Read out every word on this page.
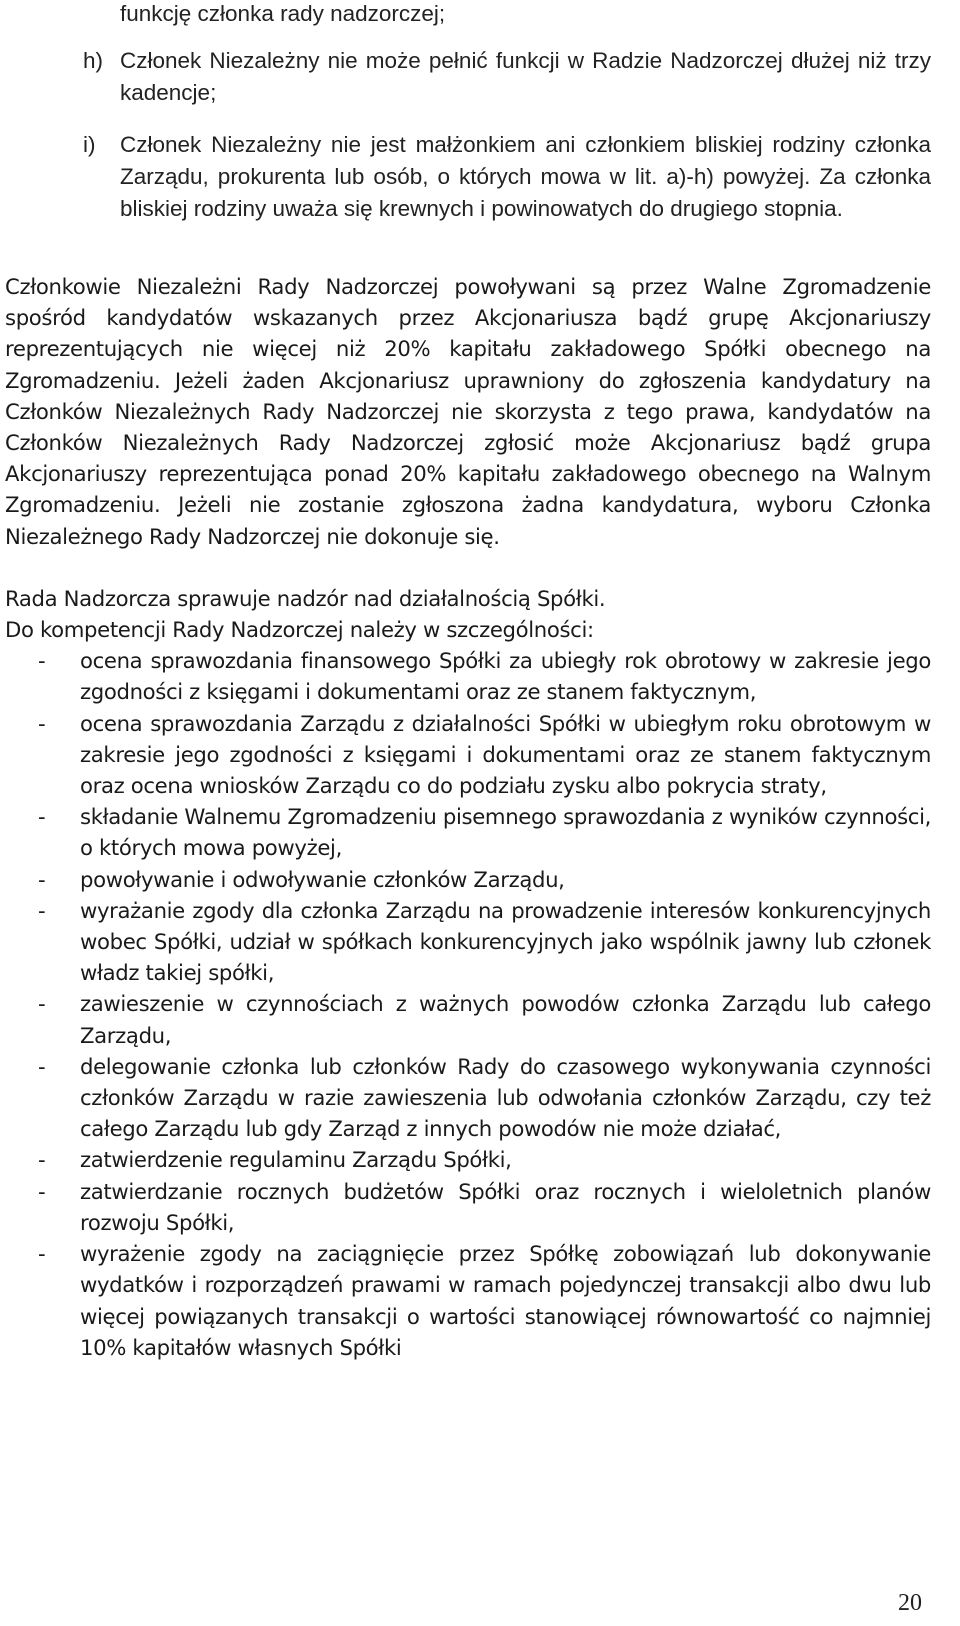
funkcję członka rady nadzorczej;
h) Członek Niezależny nie może pełnić funkcji w Radzie Nadzorczej dłużej niż trzy kadencje;
i) Członek Niezależny nie jest małżonkiem ani członkiem bliskiej rodziny członka Zarządu, prokurenta lub osób, o których mowa w lit. a)-h) powyżej. Za członka bliskiej rodziny uważa się krewnych i powinowatych do drugiego stopnia.

Członkowie Niezależni Rady Nadzorczej powoływani są przez Walne Zgromadzenie spośród kandydatów wskazanych przez Akcjonariusza bądź grupę Akcjonariuszy reprezentujących nie więcej niż 20% kapitału zakładowego Spółki obecnego na Zgromadzeniu. Jeżeli żaden Akcjonariusz uprawniony do zgłoszenia kandydatury na Członków Niezależnych Rady Nadzorczej nie skorzysta z tego prawa, kandydatów na Członków Niezależnych Rady Nadzorczej zgłosić może Akcjonariusz bądź grupa Akcjonariuszy reprezentująca ponad 20% kapitału zakładowego obecnego na Walnym Zgromadzeniu. Jeżeli nie zostanie zgłoszona żadna kandydatura, wyboru Członka Niezależnego Rady Nadzorczej nie dokonuje się.

Rada Nadzorcza sprawuje nadzór nad działalnością Spółki.

Do kompetencji Rady Nadzorczej należy w szczególności:

- ocena sprawozdania finansowego Spółki za ubiegły rok obrotowy w zakresie jego zgodności z księgami i dokumentami oraz ze stanem faktycznym,
- ocena sprawozdania Zarządu z działalności Spółki w ubiegłym roku obrotowym w zakresie jego zgodności z księgami i dokumentami oraz ze stanem faktycznym oraz ocena wniosków Zarządu co do podziału zysku albo pokrycia straty,
- składanie Walnemu Zgromadzeniu pisemnego sprawozdania z wyników czynności, o których mowa powyżej,
- powoływanie i odwoływanie członków Zarządu,
- wyrażanie zgody dla członka Zarządu na prowadzenie interesów konkurencyjnych wobec Spółki, udział w spółkach konkurencyjnych jako wspólnik jawny lub członek władz takiej spółki,
- zawieszenie w czynnościach z ważnych powodów członka Zarządu lub całego Zarządu,
- delegowanie członka lub członków Rady do czasowego wykonywania czynności członków Zarządu w razie zawieszenia lub odwołania członków Zarządu, czy też całego Zarządu lub gdy Zarząd z innych powodów nie może działać,
- zatwierdzenie regulaminu Zarządu Spółki,
- zatwierdzanie rocznych budżetów Spółki oraz rocznych i wieloletnich planów rozwoju Spółki,
- wyrażenie zgody na zaciągnięcie przez Spółkę zobowiązań lub dokonywanie wydatków i rozporządzeń prawami w ramach pojedynczej transakcji albo dwu lub więcej powiązanych transakcji o wartości stanowiącej równowartość co najmniej 10% kapitałów własnych Spółki
20
